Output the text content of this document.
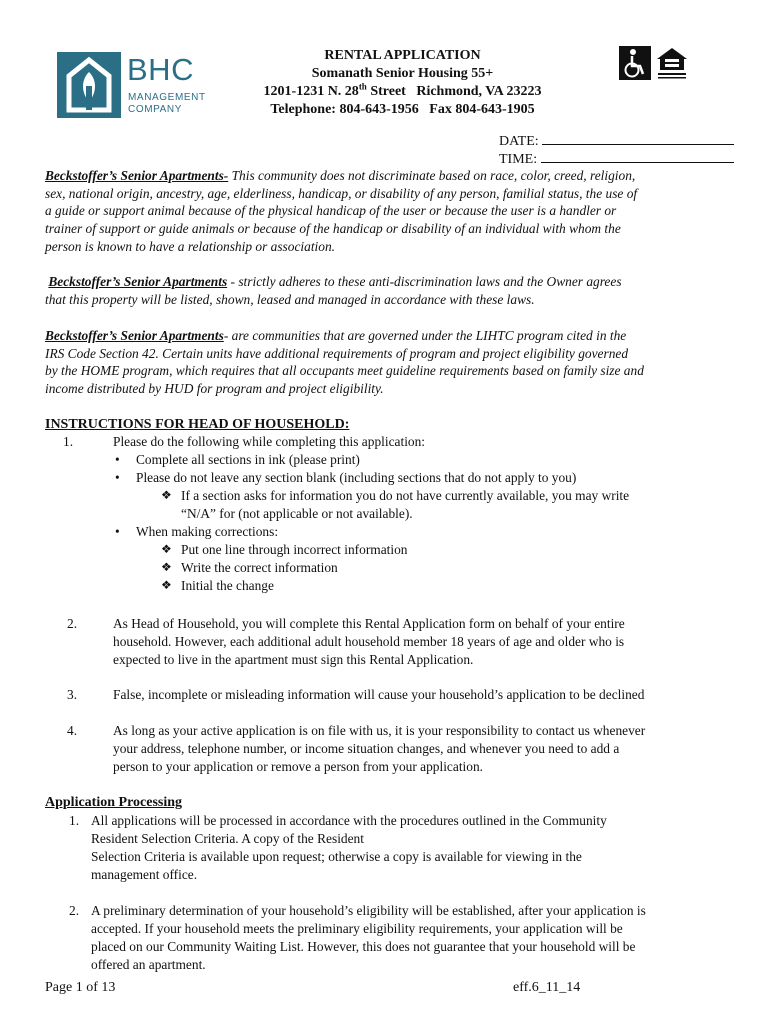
BHC
MANAGEMENT
COMPANY
RENTAL APPLICATION
Somanath Senior Housing 55+
1201-1231 N. 28th Street   Richmond, VA 23223
Telephone: 804-643-1956   Fax 804-643-1905
DATE:
TIME:
Beckstoffer’s Senior Apartments- This community does not discriminate based on race, color, creed, religion,
sex, national origin, ancestry, age, elderliness, handicap, or disability of any person, familial status, the use of
a guide or support animal because of the physical handicap of the user or because the user is a handler or
trainer of support or guide animals or because of the handicap or disability of an individual with whom the
person is known to have a relationship or association.
Beckstoffer’s Senior Apartments - strictly adheres to these anti-discrimination laws and the Owner agrees
that this property will be listed, shown, leased and managed in accordance with these laws.
Beckstoffer’s Senior Apartments- are communities that are governed under the LIHTC program cited in the
IRS Code Section 42. Certain units have additional requirements of program and project eligibility governed
by the HOME program, which requires that all occupants meet guideline requirements based on family size and
income distributed by HUD for program and project eligibility.
INSTRUCTIONS FOR HEAD OF HOUSEHOLD:
1.	Please do the following while completing this application:
• Complete all sections in ink (please print)
• Please do not leave any section blank (including sections that do not apply to you)
❖ If a section asks for information you do not have currently available, you may write
“N/A” for (not applicable or not available).
• When making corrections:
❖ Put one line through incorrect information
❖ Write the correct information
❖ Initial the change
2.	As Head of Household, you will complete this Rental Application form on behalf of your entire
household. However, each additional adult household member 18 years of age and older who is
expected to live in the apartment must sign this Rental Application.
3.	False, incomplete or misleading information will cause your household’s application to be declined
4.	As long as your active application is on file with us, it is your responsibility to contact us whenever
your address, telephone number, or income situation changes, and whenever you need to add a
person to your application or remove a person from your application.
Application Processing
1. All applications will be processed in accordance with the procedures outlined in the Community
Resident Selection Criteria. A copy of the Resident
Selection Criteria is available upon request; otherwise a copy is available for viewing in the
management office.
2. A preliminary determination of your household’s eligibility will be established, after your application is
accepted. If your household meets the preliminary eligibility requirements, your application will be
placed on our Community Waiting List. However, this does not guarantee that your household will be
offered an apartment.
Page 1 of 13	eff.6_11_14
